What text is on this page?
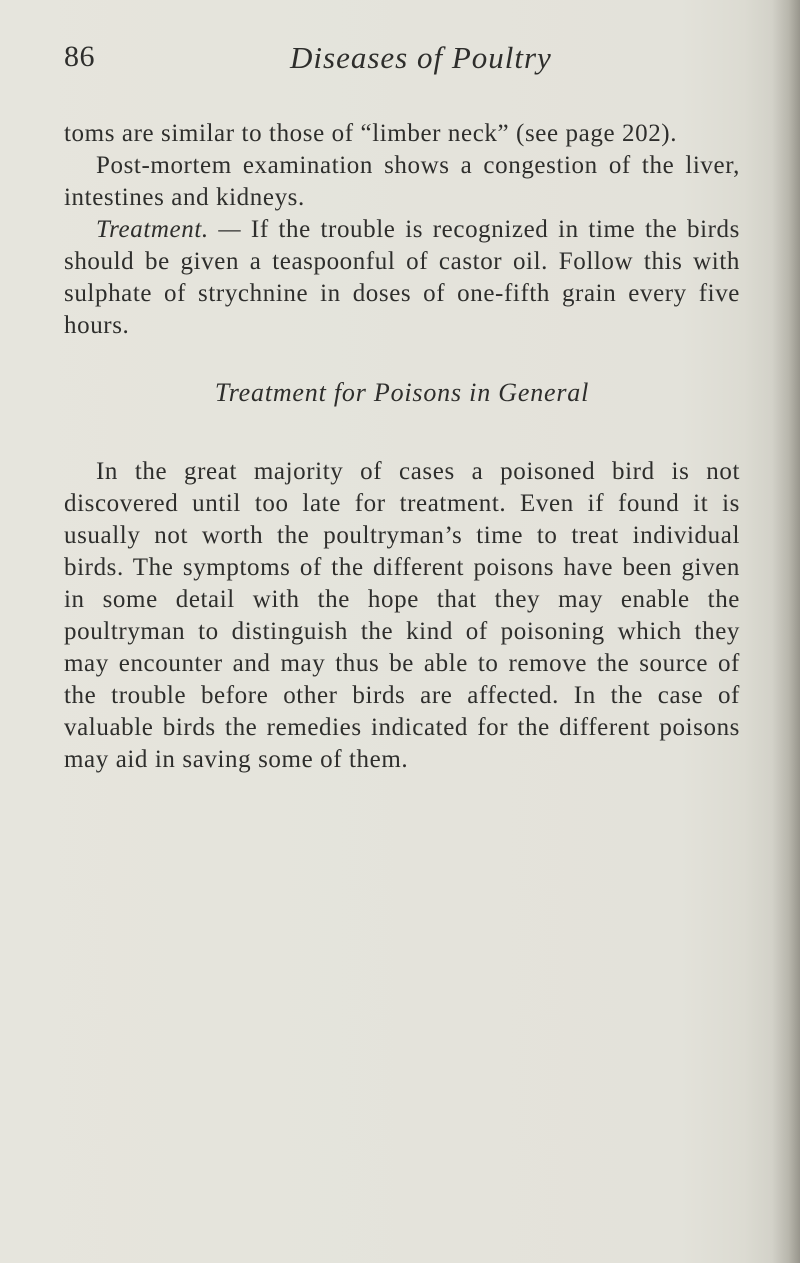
86	Diseases of Poultry

toms are similar to those of “limber neck” (see page 202).

Post-mortem examination shows a congestion of the liver, intestines and kidneys.

Treatment. — If the trouble is recognized in time the birds should be given a teaspoonful of castor oil. Follow this with sulphate of strychnine in doses of one-fifth grain every five hours.

Treatment for Poisons in General

In the great majority of cases a poisoned bird is not discovered until too late for treatment. Even if found it is usually not worth the poultryman’s time to treat individual birds. The symptoms of the different poisons have been given in some detail with the hope that they may enable the poultryman to distinguish the kind of poisoning which they may encounter and may thus be able to remove the source of the trouble before other birds are affected. In the case of valuable birds the remedies indicated for the different poisons may aid in saving some of them.
